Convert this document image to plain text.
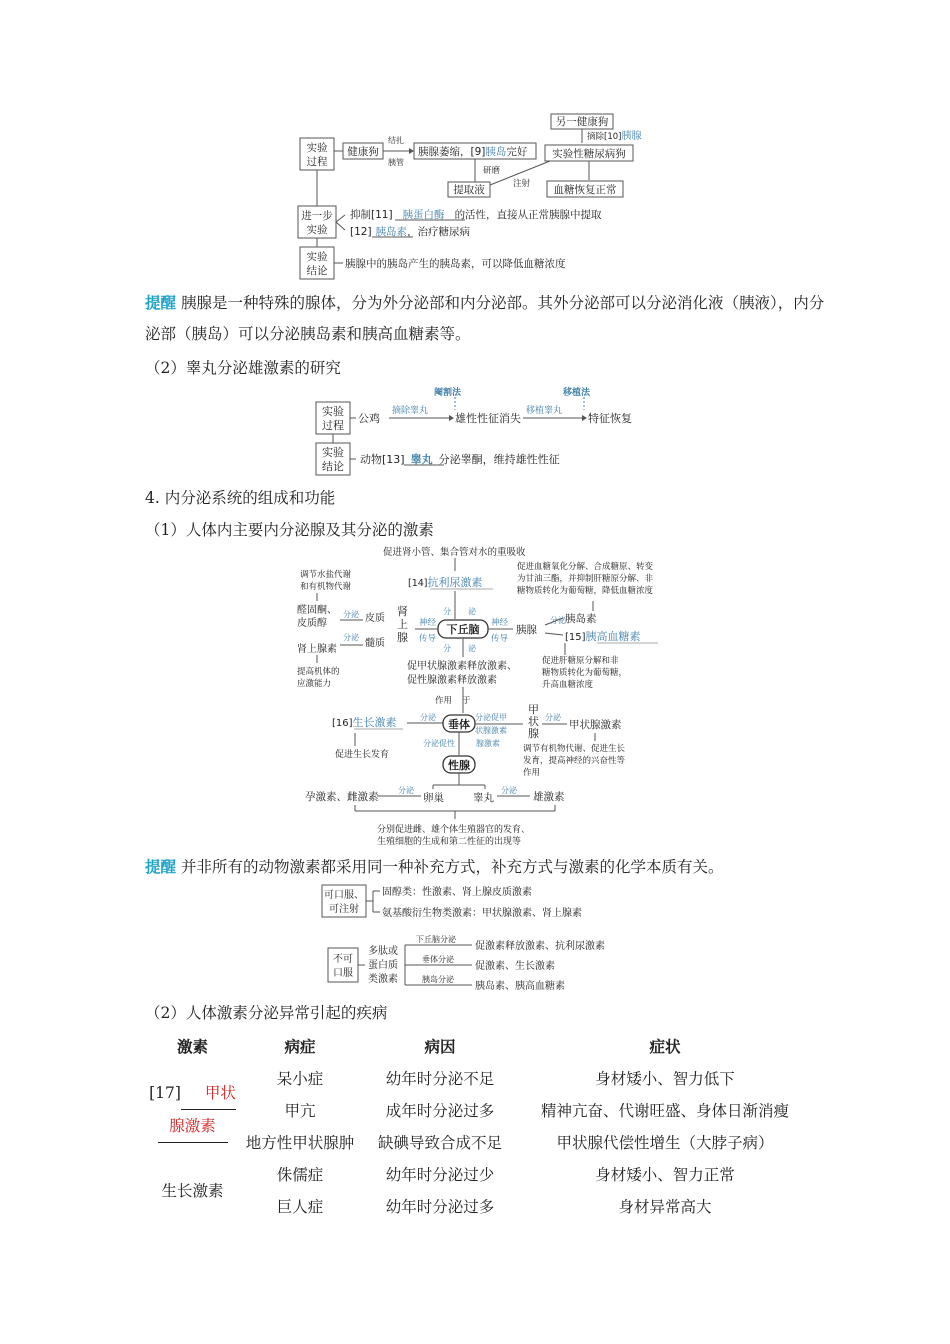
实验
过程
健康狗
结扎
胰管
胰腺萎缩，[9]胰岛完好
另一健康狗
摘除[10]胰腺
实验性糖尿病狗
研磨
提取液	注射 血糖恢复正常
进一步
实验
抑制[11] 胰蛋白酶 的活性，直接从正常胰腺中提取
[12] 胰岛素，治疗糖尿病
实验
结论
胰腺中的胰岛产生的胰岛素，可以降低血糖浓度
提醒 胰腺是一种特殊的腺体，分为外分泌部和内分泌部。其外分泌部可以分泌消化液（胰液），内分泌部（胰岛）可以分泌胰岛素和胰高血糖素等。
（2）睾丸分泌雄激素的研究
实验
过程
公鸡
阉割法
摘除睾丸
雄性性征消失
移植法
移植睾丸
特征恢复
实验
结论
动物[13] 睾丸 分泌睾酮，维持雄性性征
4. 内分泌系统的组成和功能
（1）人体内主要内分泌腺及其分泌的激素
促进肾小管、集合管对水的重吸收
[14]抗利尿激素
促进血糖氧化分解、合成糖原、转变为甘油三酯，并抑制肝糖原分解、非糖物质转化为葡萄糖，降低血糖浓度
调节水盐代谢和有机物代谢
醛固酮、皮质醇
分泌 皮质
肾上腺
肾上腺素
分泌
髓质
提高机体的应激能力
下丘脑
神经
传导
神经
传导
胰腺
分泌 胰岛素
[15]胰高血糖素
促进肝糖原分解和非糖物质转化为葡萄糖，升高血糖浓度
分 泌
分 泌
促甲状腺激素释放激素、
促性腺激素释放激素
作用 于
[16]生长激素	分泌
垂体
分泌促甲
状腺激素
甲状腺
分泌
甲状腺激素
促进生长发育
调节有机物代谢、促进生长发育，提高神经的兴奋性等作用
分泌促性	腺激素
性腺
孕激素、雌激素
分泌
卵巢	睾丸
分泌
雄激素
分别促进雌、雄个体生殖器官的发育、生殖细胞的生成和第二性征的出现等
提醒 并非所有的动物激素都采用同一种补充方式，补充方式与激素的化学本质有关。
可口服、
可注射
固醇类：性激素、肾上腺皮质激素
氨基酸衍生物类激素：甲状腺激素、肾上腺素
不可
口服
多肽或蛋白质类激素
下丘脑分泌
垂体分泌
胰岛分泌
促激素释放激素、抗利尿激素
促激素、生长激素
胰岛素、胰高血糖素
（2）人体激素分泌异常引起的疾病
激素	病症	病因	症状

[17] 甲状
腺激素	呆小症	幼年时分泌不足	身材矮小、智力低下
	甲亢	成年时分泌过多	精神亢奋、代谢旺盛、身体日渐消瘦
	地方性甲状腺肿	缺碘导致合成不足	甲状腺代偿性增生（大脖子病）
生长激素	侏儒症	幼年时分泌过少	身材矮小、智力正常
	巨人症	幼年时分泌过多	身材异常高大
